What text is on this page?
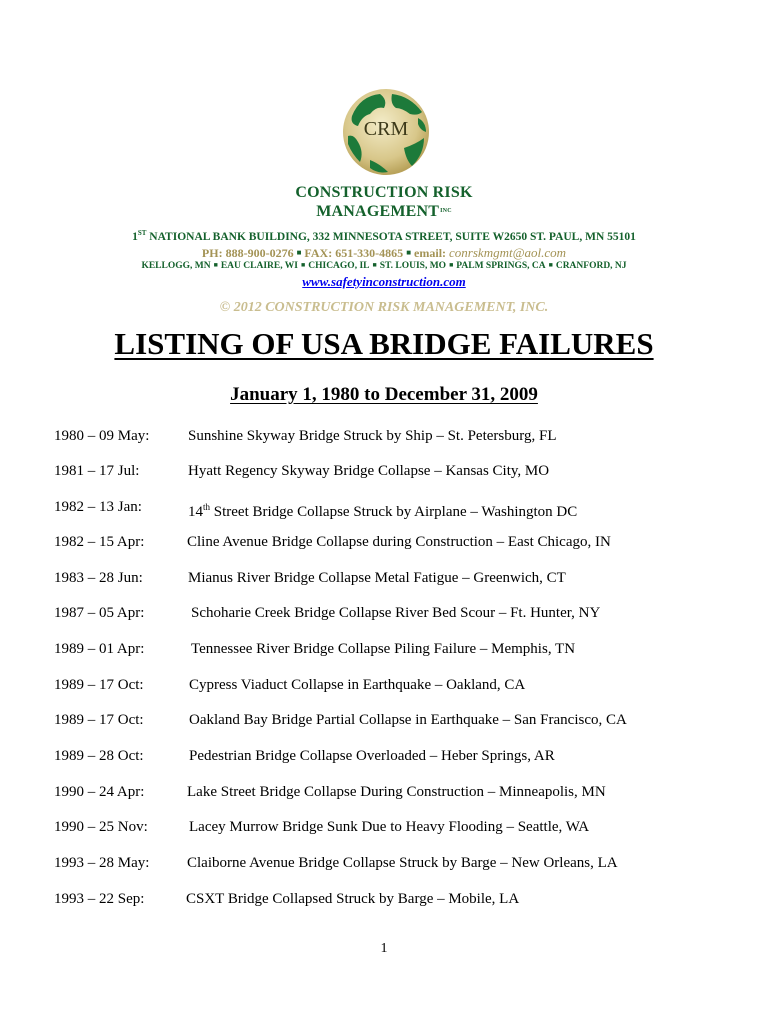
CRM
CONSTRUCTION RISK
$MANAGEMENT^{INC}$
1ST NATIONAL BANK BUILDING, 332 MINNESOTA STREET, SUITE W2650 ST. PAUL, MN 55101
PH: 888-900-0276 ■ FAX: 651-330-4865 ■ email: conrskmgmt@aol.com
KELLOGG, MN ■ EAU CLAIRE, WI ■ CHICAGO, IL ■ ST. LOUIS, MO ■ PALM SPRINGS, CA ■ CRANFORD, NJ
www.safetyinconstruction.com
© 2012 CONSTRUCTION RISK MANAGEMENT, INC.
LISTING OF USA BRIDGE FAILURES
January 1, 1980 to December 31, 2009
1980 – 09 May:	Sunshine Skyway Bridge Struck by Ship – St. Petersburg, FL
1981 – 17 Jul:	Hyatt Regency Skyway Bridge Collapse – Kansas City, MO
1982 – 13 Jan:	14th Street Bridge Collapse Struck by Airplane – Washington DC
1982 – 15 Apr:	Cline Avenue Bridge Collapse during Construction – East Chicago, IN
1983 – 28 Jun:	Mianus River Bridge Collapse Metal Fatigue – Greenwich, CT
1987 – 05 Apr:	Schoharie Creek Bridge Collapse River Bed Scour – Ft. Hunter, NY
1989 – 01 Apr:	Tennessee River Bridge Collapse Piling Failure – Memphis, TN
1989 – 17 Oct:	Cypress Viaduct Collapse in Earthquake – Oakland, CA
1989 – 17 Oct:	Oakland Bay Bridge Partial Collapse in Earthquake – San Francisco, CA
1989 – 28 Oct:	Pedestrian Bridge Collapse Overloaded – Heber Springs, AR
1990 – 24 Apr:	Lake Street Bridge Collapse During Construction – Minneapolis, MN
1990 – 25 Nov:	Lacey Murrow Bridge Sunk Due to Heavy Flooding – Seattle, WA
1993 – 28 May:	Claiborne Avenue Bridge Collapse Struck by Barge – New Orleans, LA
1993 – 22 Sep:	CSXT Bridge Collapsed Struck by Barge – Mobile, LA
1
